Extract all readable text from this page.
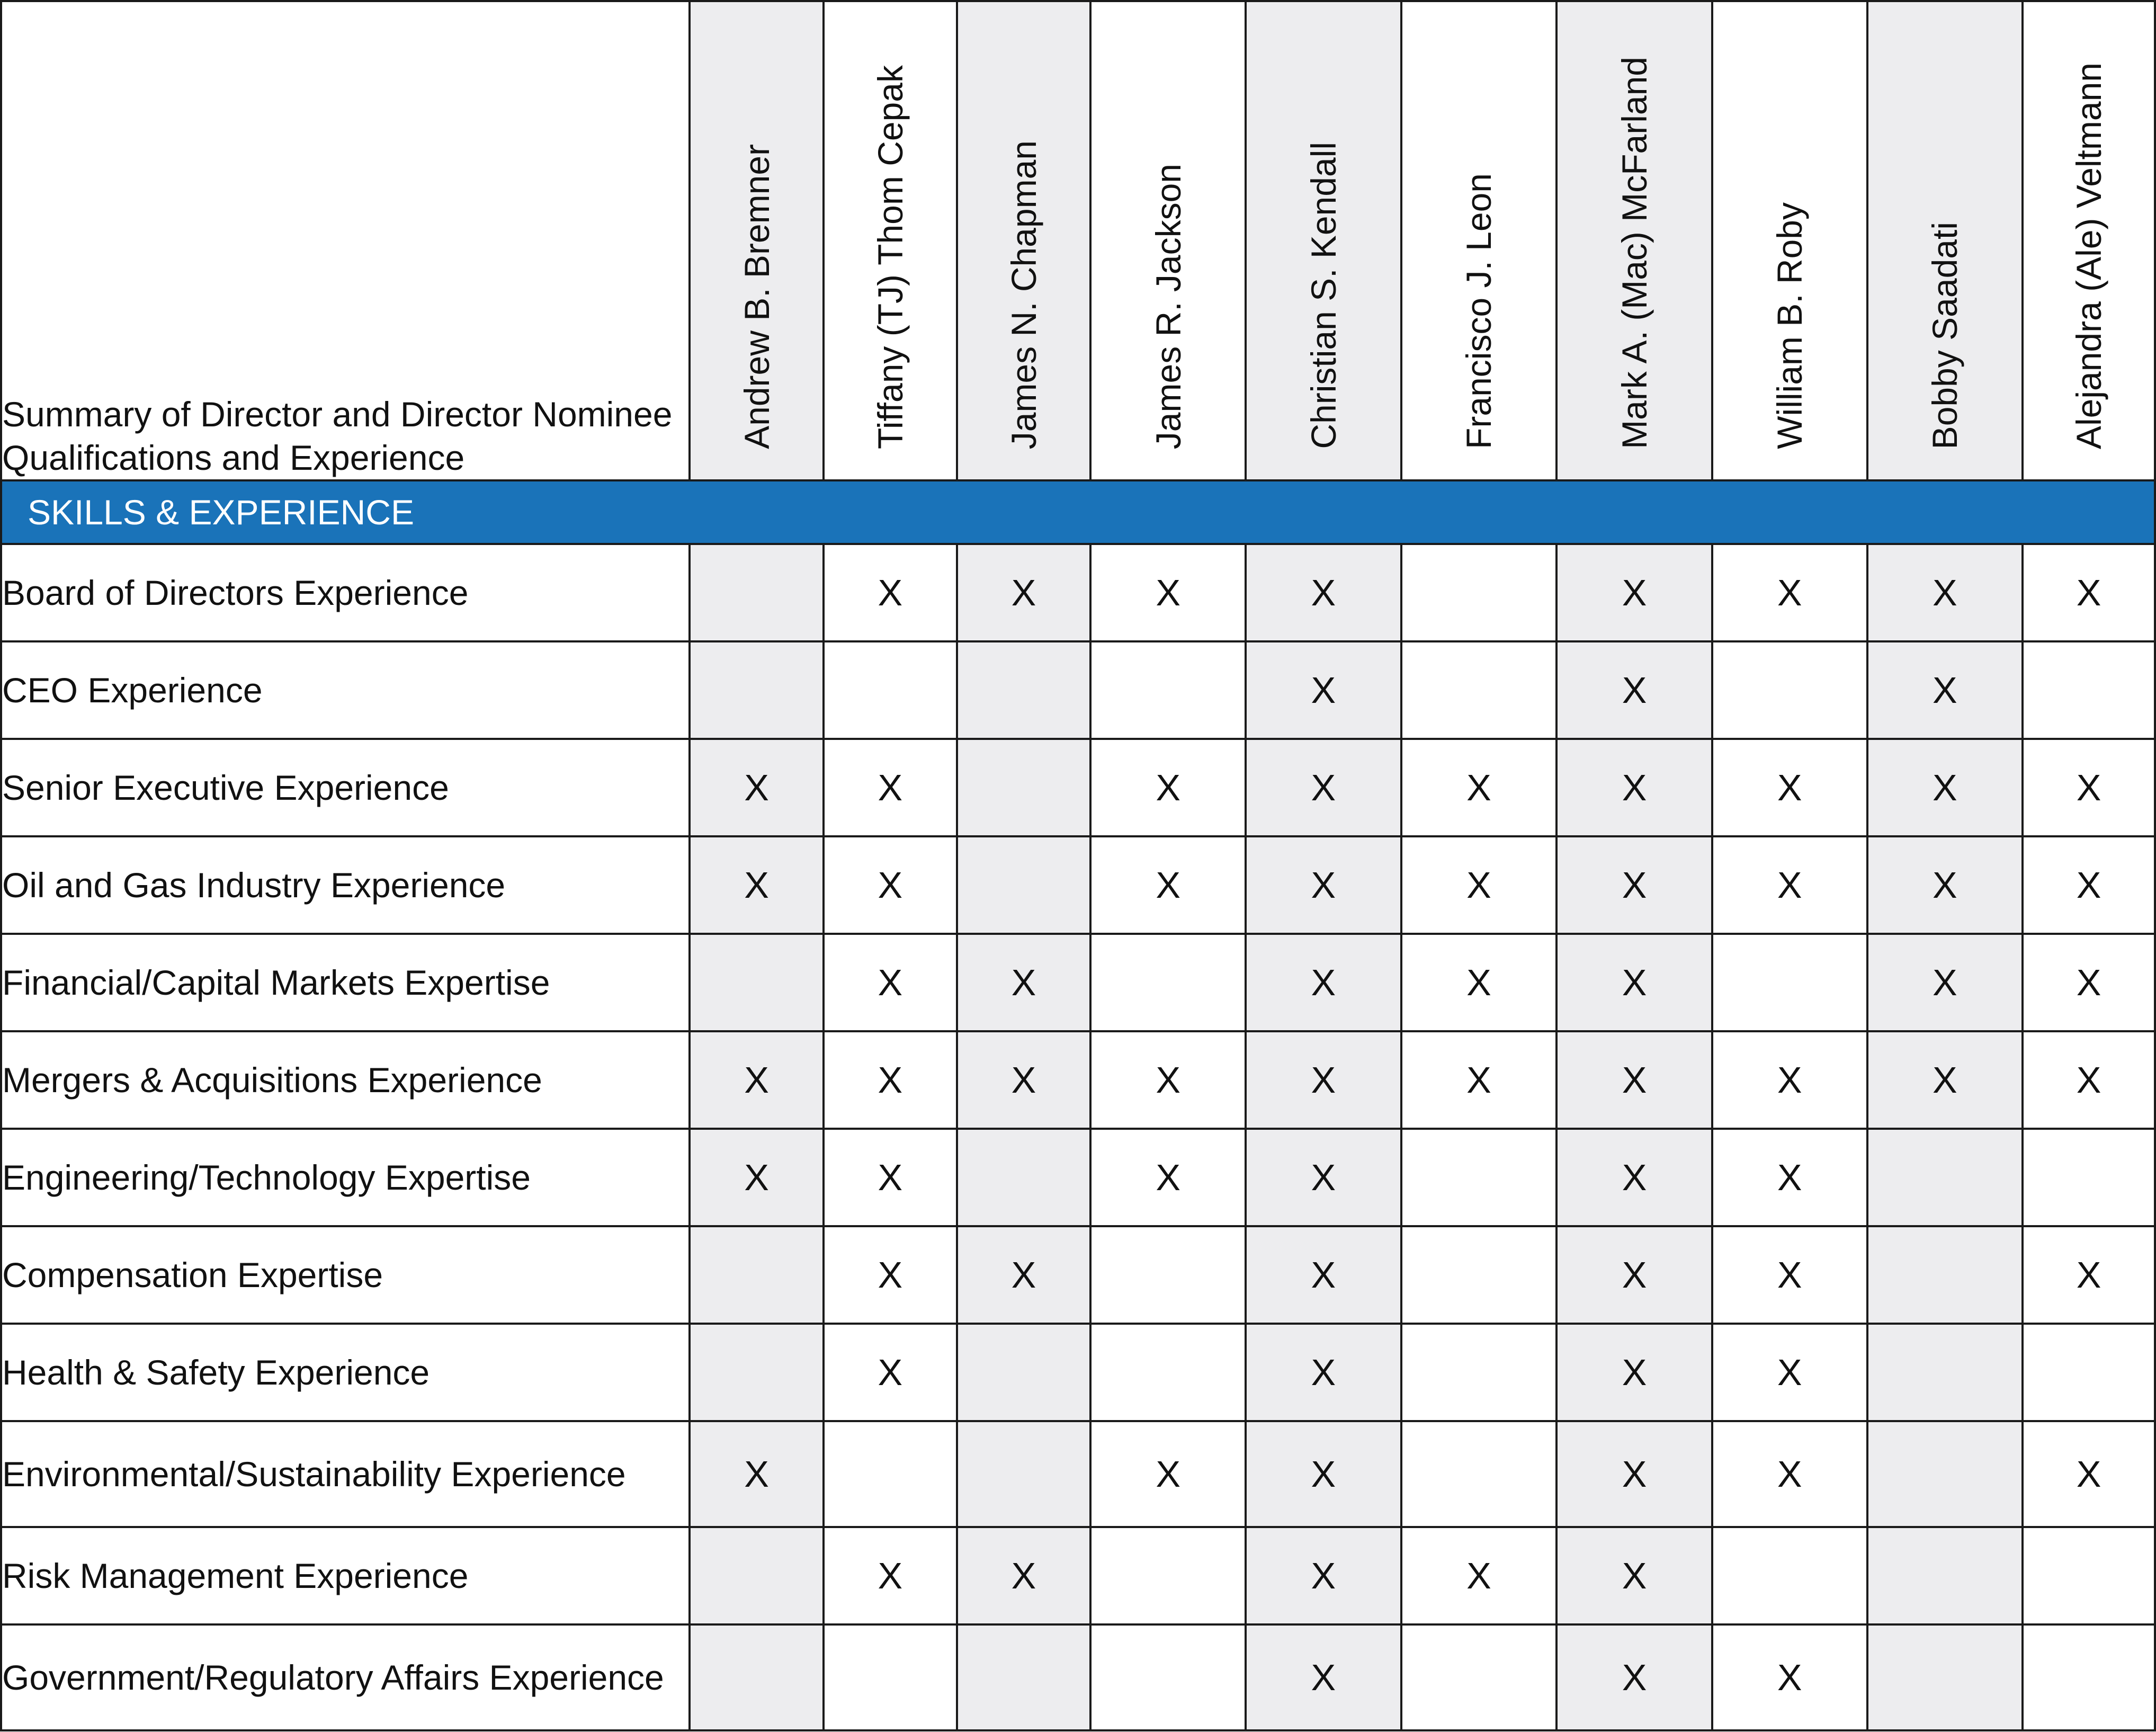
Summary of Director and Director Nominee Qualifications and Experience	Andrew B. Bremner	Tiffany (TJ) Thom Cepak	James N. Chapman	James R. Jackson	Christian S. Kendall	Francisco J. Leon	Mark A. (Mac) McFarland	William B. Roby	Bobby Saadati	Alejandra (Ale) Veltmann
SKILLS & EXPERIENCE										
Board of Directors Experience		X	X	X	X		X	X	X	X
CEO Experience					X		X		X	
Senior Executive Experience	X	X		X	X	X	X	X	X	X
Oil and Gas Industry Experience	X	X		X	X	X	X	X	X	X
Financial/Capital Markets Expertise		X	X		X	X	X		X	X
Mergers & Acquisitions Experience	X	X	X	X	X	X	X	X	X	X
Engineering/Technology Expertise	X	X		X	X		X	X		
Compensation Expertise		X	X		X		X	X		X
Health & Safety Experience		X			X		X	X		
Environmental/Sustainability Experience	X			X	X		X	X		X
Risk Management Experience		X	X		X	X	X			
Government/Regulatory Affairs Experience					X		X	X		
